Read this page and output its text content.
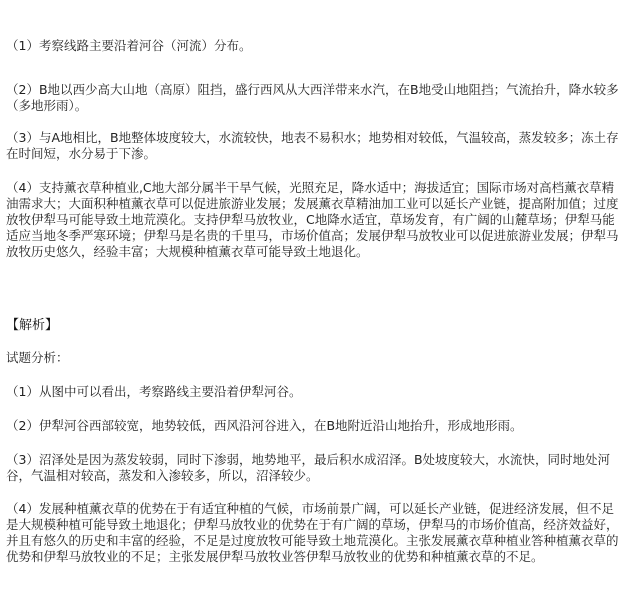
（1）考察线路主要沿着河谷（河流）分布。
（2）B地以西少高大山地（高原）阻挡，盛行西风从大西洋带来水汽，在B地受山地阻挡；气流抬升，降水较多（多地形雨）。
（3）与A地相比，B地整体坡度较大，水流较快，地表不易积水；地势相对较低，气温较高，蒸发较多；冻土存在时间短，水分易于下渗。
（4）支持薰衣草种植业,C地大部分属半干旱气候，光照充足，降水适中；海拔适宜；国际市场对高档薰衣草精油需求大；大面积种植薰衣草可以促进旅游业发展；发展薰衣草精油加工业可以延长产业链，提高附加值；过度放牧伊犁马可能导致土地荒漠化。支持伊犁马放牧业，C地降水适宜，草场发育，有广阔的山麓草场；伊犁马能适应当地冬季严寒环境；伊犁马是名贵的千里马，市场价值高；发展伊犁马放牧业可以促进旅游业发展；伊犁马放牧历史悠久，经验丰富；大规模种植薰衣草可能导致土地退化。
【解析】
试题分析：
（1）从图中可以看出，考察路线主要沿着伊犁河谷。
（2）伊犁河谷西部较宽，地势较低，西风沿河谷进入，在B地附近沿山地抬升，形成地形雨。
（3）沼泽处是因为蒸发较弱，同时下渗弱，地势地平，最后积水成沼泽。B处坡度较大，水流快，同时地处河谷，气温相对较高，蒸发和入渗较多，所以，沼泽较少。
（4）发展种植薰衣草的优势在于有适宜种植的气候，市场前景广阔，可以延长产业链，促进经济发展，但不足是大规模种植可能导致土地退化；伊犁马放牧业的优势在于有广阔的草场，伊犁马的市场价值高，经济效益好，并且有悠久的历史和丰富的经验，不足是过度放牧可能导致土地荒漠化。主张发展薰衣草种植业答种植薰衣草的优势和伊犁马放牧业的不足；主张发展伊犁马放牧业答伊犁马放牧业的优势和种植薰衣草的不足。
